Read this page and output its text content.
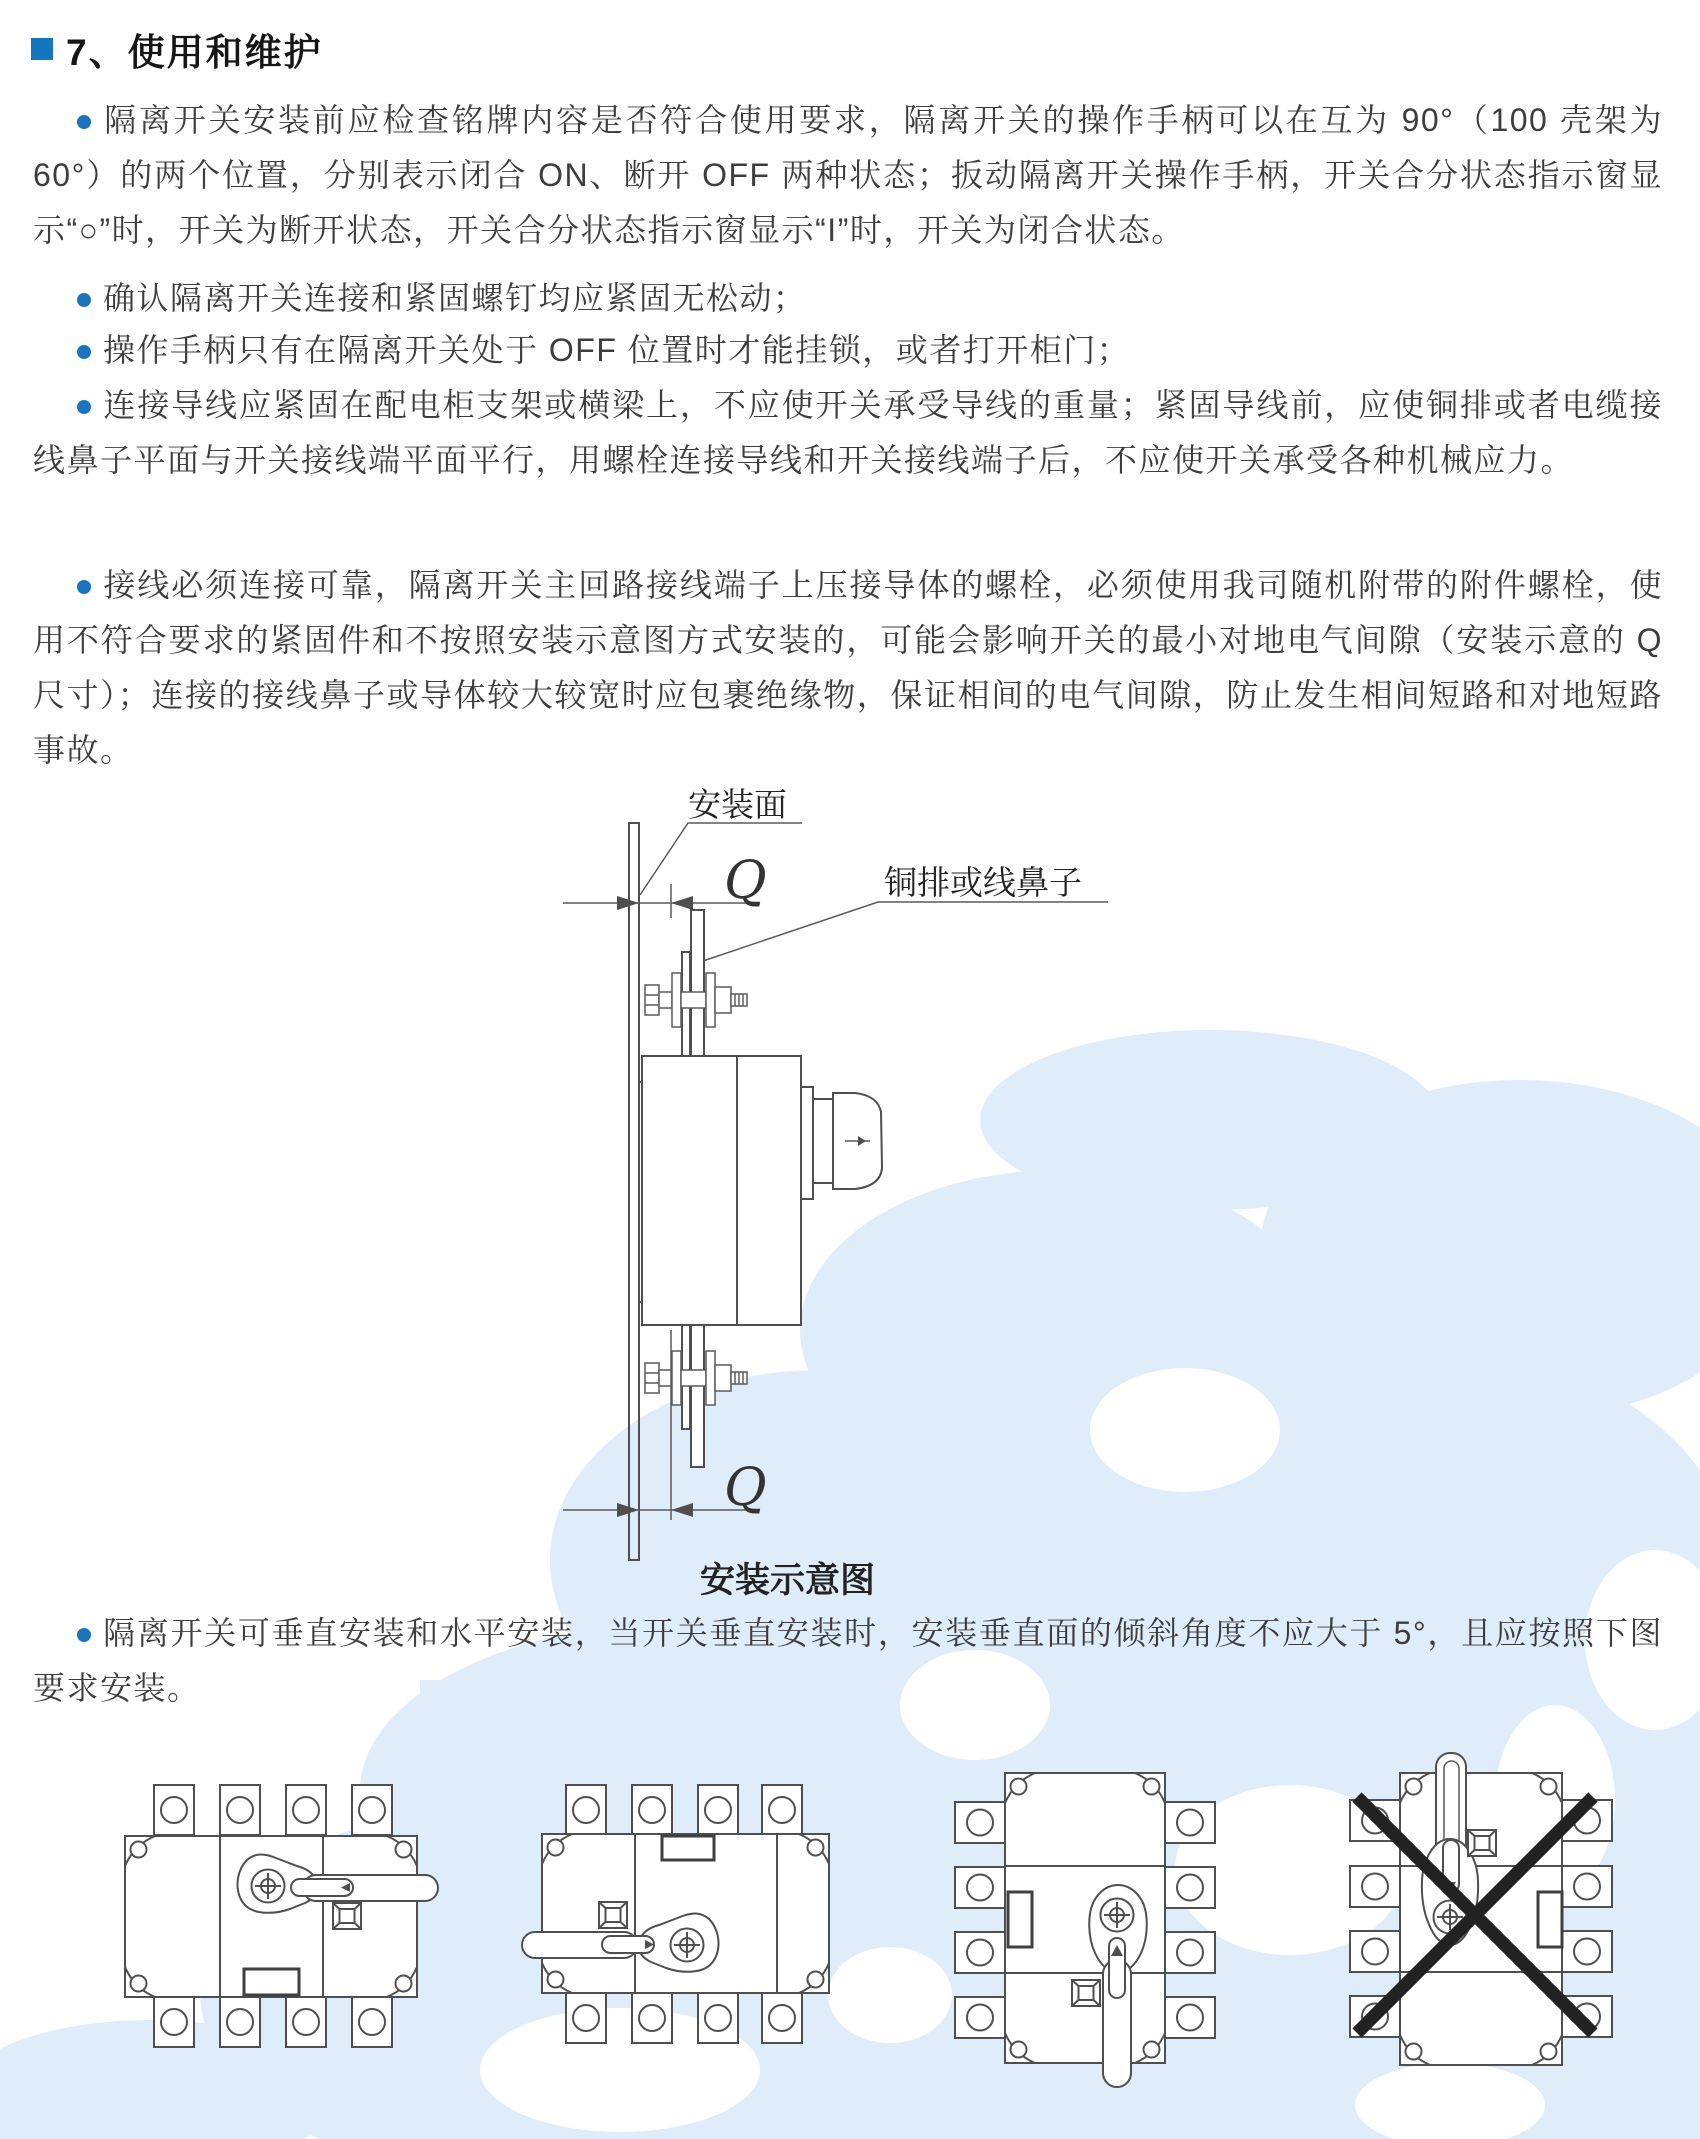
7、使用和维护
隔离开关安装前应检查铭牌内容是否符合使用要求，隔离开关的操作手柄可以在互为 90°（100 壳架为 60°）的两个位置，分别表示闭合 ON、断开 OFF 两种状态；扳动隔离开关操作手柄，开关合分状态指示窗显示“○”时，开关为断开状态，开关合分状态指示窗显示“I”时，开关为闭合状态。
确认隔离开关连接和紧固螺钉均应紧固无松动；
操作手柄只有在隔离开关处于 OFF 位置时才能挂锁，或者打开柜门；
连接导线应紧固在配电柜支架或横梁上，不应使开关承受导线的重量；紧固导线前，应使铜排或者电缆接线鼻子平面与开关接线端平面平行，用螺栓连接导线和开关接线端子后，不应使开关承受各种机械应力。
接线必须连接可靠，隔离开关主回路接线端子上压接导体的螺栓，必须使用我司随机附带的附件螺栓，使用不符合要求的紧固件和不按照安装示意图方式安装的，可能会影响开关的最小对地电气间隙（安装示意的 Q 尺寸）；连接的接线鼻子或导体较大较宽时应包裹绝缘物，保证相间的电气间隙，防止发生相间短路和对地短路事故。
隔离开关可垂直安装和水平安装，当开关垂直安装时，安装垂直面的倾斜角度不应大于 5°，且应按照下图要求安装。
安装面
铜排或线鼻子
Q
Q
安装示意图
